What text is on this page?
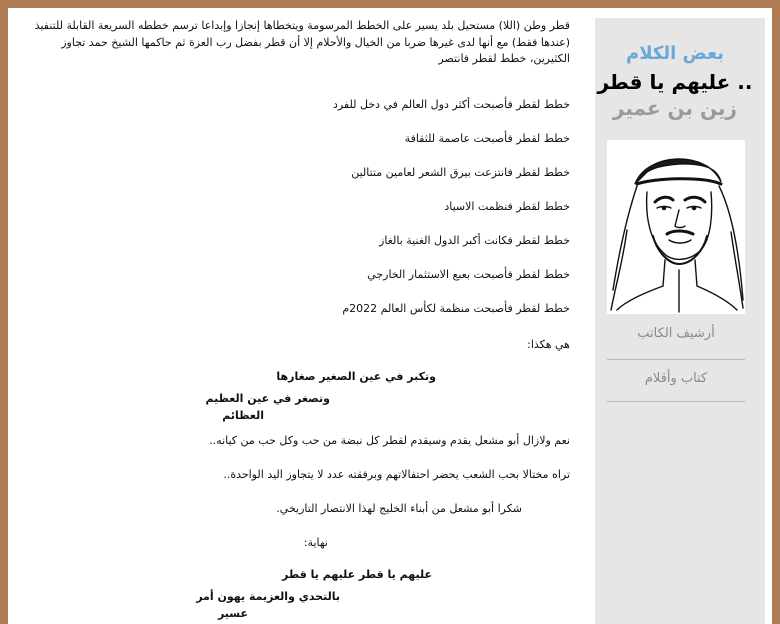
قطر وطن (اللا) مستحيل بلد يسير على الخطط المرسومة ويتخطاها إنجازا وإبداعا ترسم خططه السريعة القابلة للتنفيذ (عندها فقط) مع أنها لدى غيرها ضربا من الخيال والأحلام إلا أن قطر بفضل رب العزة ثم حاكمها الشيخ حمد تجاوز الكثيرين، خطط لقطر فانتصر

خطط لقطر فأصبحت أكثر دول العالم في دخل للفرد
خطط لقطر فأصبحت عاصمة للثقافة
خطط لقطر فانتزعت بيرق الشعر لعامين متتالين
خطط لقطر فنظمت الاسياد
خطط لقطر فكانت أكبر الدول الغنية بالغاز
خطط لقطر فأصبحت بعبع الاستثمار الخارجي
خطط لقطر فأصبحت منظمة لكأس العالم 2022م
هي هكذا:
وتكبر في عين الصغير صغارها
وتصغر في عين العظيم
العظائم
نعم ولازال أبو مشعل يقدم وسيقدم لقطر كل نبضة من حب وكل حب من كيانه..
تراه مختالا بحب الشعب يحضر احتفالاتهم وبرفقته عدد لا يتجاوز اليد الواحدة..
شكرا أبو مشعل من أبناء الخليج لهذا الانتصار التاريخي.
نهاية:
عليهم يا قطر عليهم يا قطر
بالتحدي والعزيمة يهون أمر
عسير
بعض الكلام
عليهم يا قطر ..
زين بن عمير
أرشيف الكاتب
كتاب وأقلام
